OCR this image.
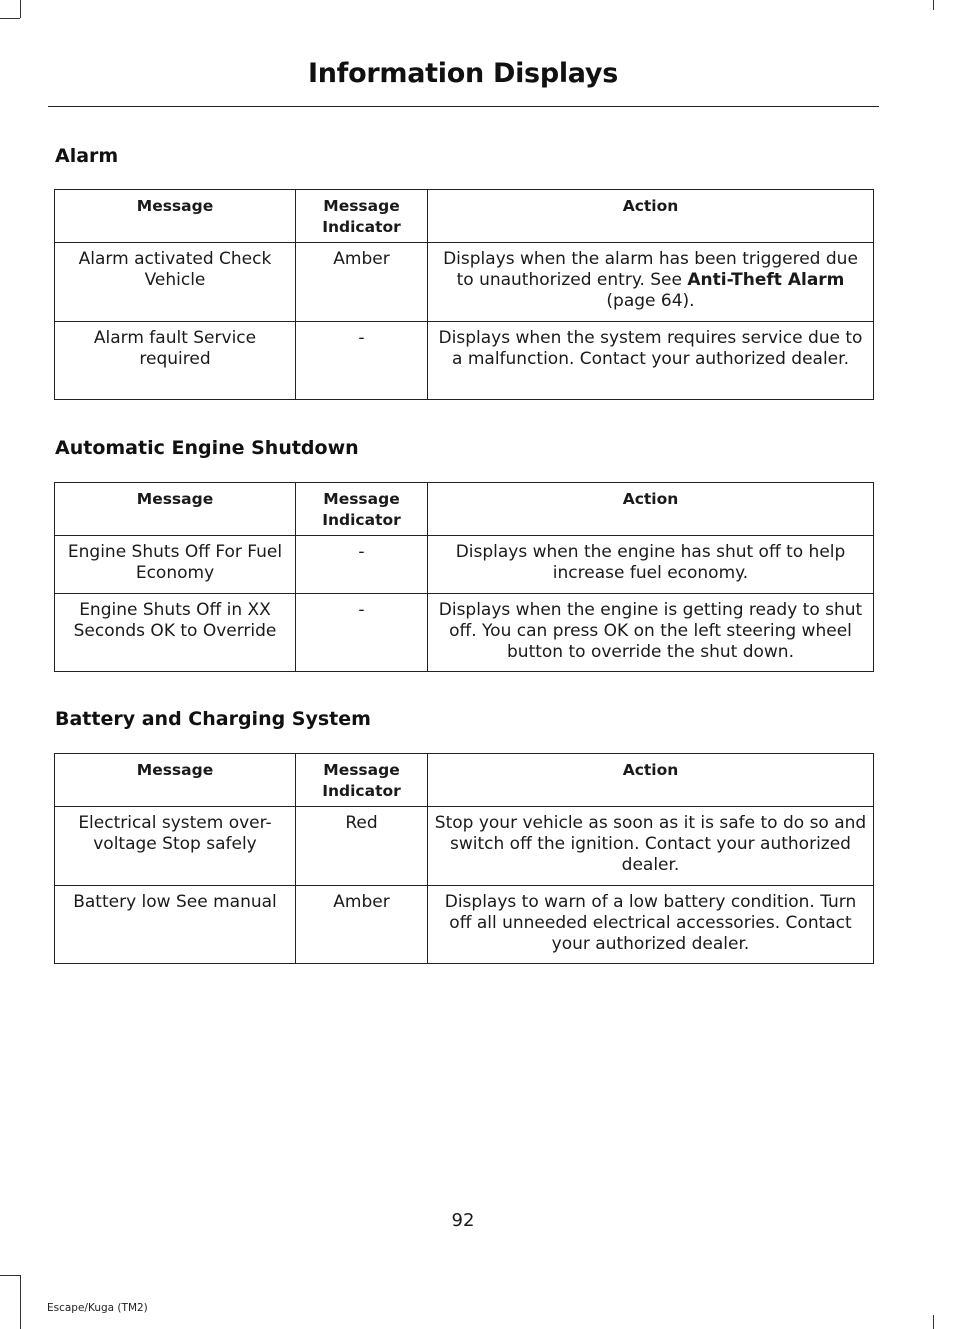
Information Displays
Alarm
Message	Message Indicator	Action
Alarm activated Check Vehicle	Amber	Displays when the alarm has been triggered due to unauthorized entry. See Anti-Theft Alarm (page 64).
Alarm fault Service required	-	Displays when the system requires service due to a malfunction. Contact your authorized dealer.
Automatic Engine Shutdown
Message	Message Indicator	Action
Engine Shuts Off For Fuel Economy	-	Displays when the engine has shut off to help increase fuel economy.
Engine Shuts Off in XX Seconds OK to Override	-	Displays when the engine is getting ready to shut off. You can press OK on the left steering wheel button to override the shut down.
Battery and Charging System
Message	Message Indicator	Action
Electrical system over-voltage Stop safely	Red	Stop your vehicle as soon as it is safe to do so and switch off the ignition. Contact your authorized dealer.
Battery low See manual	Amber	Displays to warn of a low battery condition. Turn off all unneeded electrical accessories. Contact your authorized dealer.
92
Escape/Kuga (TM2)
